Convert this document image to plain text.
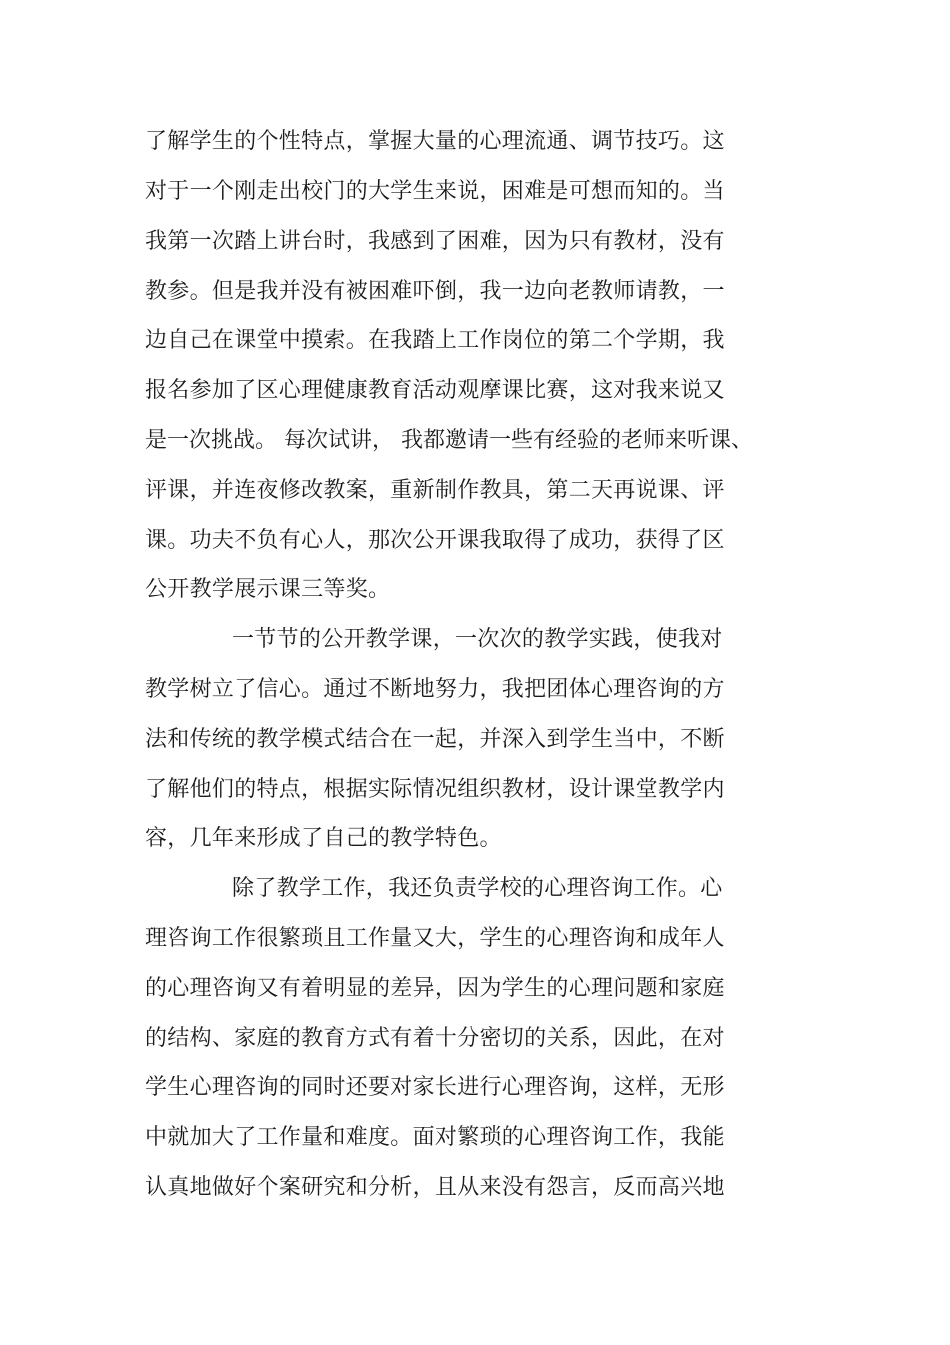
了解学生的个性特点，掌握大量的心理流通、调节技巧。这
对于一个刚走出校门的大学生来说，困难是可想而知的。当
我第一次踏上讲台时，我感到了困难，因为只有教材，没有
教参。但是我并没有被困难吓倒，我一边向老教师请教，一
边自己在课堂中摸索。在我踏上工作岗位的第二个学期，我
报名参加了区心理健康教育活动观摩课比赛，这对我来说又
是一次挑战。 每次试讲， 我都邀请一些有经验的老师来听课、
评课，并连夜修改教案，重新制作教具，第二天再说课、评
课。功夫不负有心人，那次公开课我取得了成功，获得了区
公开教学展示课三等奖。
一节节的公开教学课，一次次的教学实践，使我对
教学树立了信心。通过不断地努力，我把团体心理咨询的方
法和传统的教学模式结合在一起，并深入到学生当中，不断
了解他们的特点，根据实际情况组织教材，设计课堂教学内
容，几年来形成了自己的教学特色。
除了教学工作，我还负责学校的心理咨询工作。心
理咨询工作很繁琐且工作量又大，学生的心理咨询和成年人
的心理咨询又有着明显的差异，因为学生的心理问题和家庭
的结构、家庭的教育方式有着十分密切的关系，因此，在对
学生心理咨询的同时还要对家长进行心理咨询，这样，无形
中就加大了工作量和难度。面对繁琐的心理咨询工作，我能
认真地做好个案研究和分析，且从来没有怨言，反而高兴地
